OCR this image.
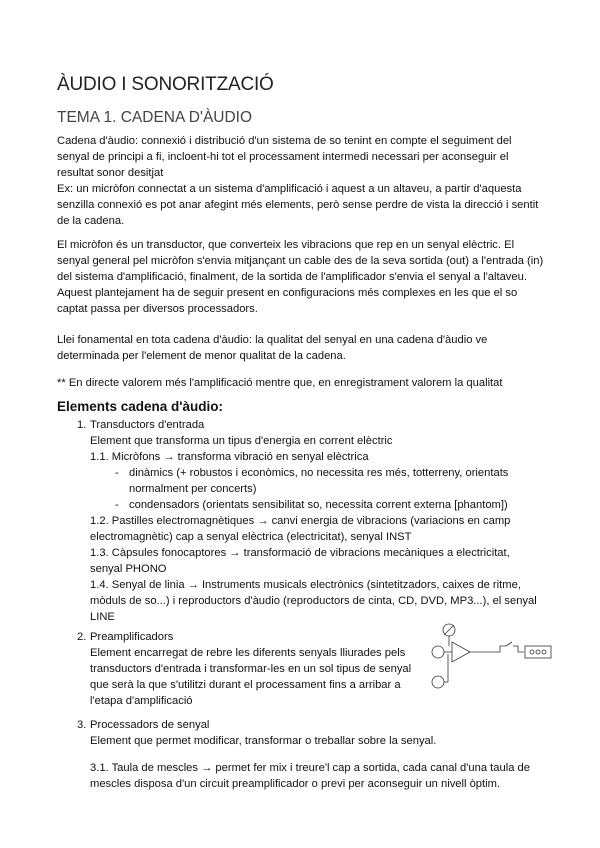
ÀUDIO I SONORITZACIÓ
TEMA 1. CADENA D'ÀUDIO
Cadena d'àudio: connexió i distribució d'un sistema de so tenint en compte el seguiment del
senyal de principi a fi, incloent-hi tot el processament intermedi necessari per aconseguir el
resultat sonor desitjat
Ex: un micròfon connectat a un sistema d'amplificació i aquest a un altaveu, a partir d'aquesta
senzilla connexió es pot anar afegint més elements, però sense perdre de vista la direcció i sentit
de la cadena.
El micròfon és un transductor, que converteix les vibracions que rep en un senyal elèctric. El
senyal general pel micròfon s'envia mitjançant un cable des de la seva sortida (out) a l'entrada (in)
del sistema d'amplificació, finalment, de la sortida de l'amplificador s'envia el senyal a l'altaveu.
Aquest plantejament ha de seguir present en configuracions més complexes en les que el so
captat passa per diversos processadors.
Llei fonamental en tota cadena d'àudio: la qualitat del senyal en una cadena d'àudio ve
determinada per l'element de menor qualitat de la cadena.
** En directe valorem més l'amplificació mentre que, en enregistrament valorem la qualitat
Elements cadena d'àudio:
1. Transductors d'entrada
Element que transforma un tipus d'energia en corrent elèctric
1.1. Micròfons → transforma vibració en senyal elèctrica
- dinàmics (+ robustos i econòmics, no necessita res més, totterreny, orientats
normalment per concerts)
- condensadors (orientats sensibilitat so, necessita corrent externa [phantom])
1.2. Pastilles electromagnètiques → canvi energia de vibracions (variacions en camp
electromagnètic) cap a senyal elèctrica (electricitat), senyal INST
1.3. Càpsules fonocaptores → transformació de vibracions mecàniques a electricitat,
senyal PHONO
1.4. Senyal de linia → Instruments musicals electrònics (sintetitzadors, caixes de ritme,
mòduls de so...) i reproductors d'àudio (reproductors de cinta, CD, DVD, MP3...), el senyal
LINE
2. Preamplificadors
Element encarregat de rebre les diferents senyals lliurades pels
transductors d'entrada i transformar-les en un sol tipus de senyal
que serà la que s'utilitzi durant el processament fins a arribar a
l'etapa d'amplificació
3. Processadors de senyal
Element que permet modificar, transformar o treballar sobre la senyal.
3.1. Taula de mescles → permet fer mix i treure'l cap a sortida, cada canal d'una taula de
mescles disposa d'un circuit preamplificador o previ per aconseguir un nivell òptim.
